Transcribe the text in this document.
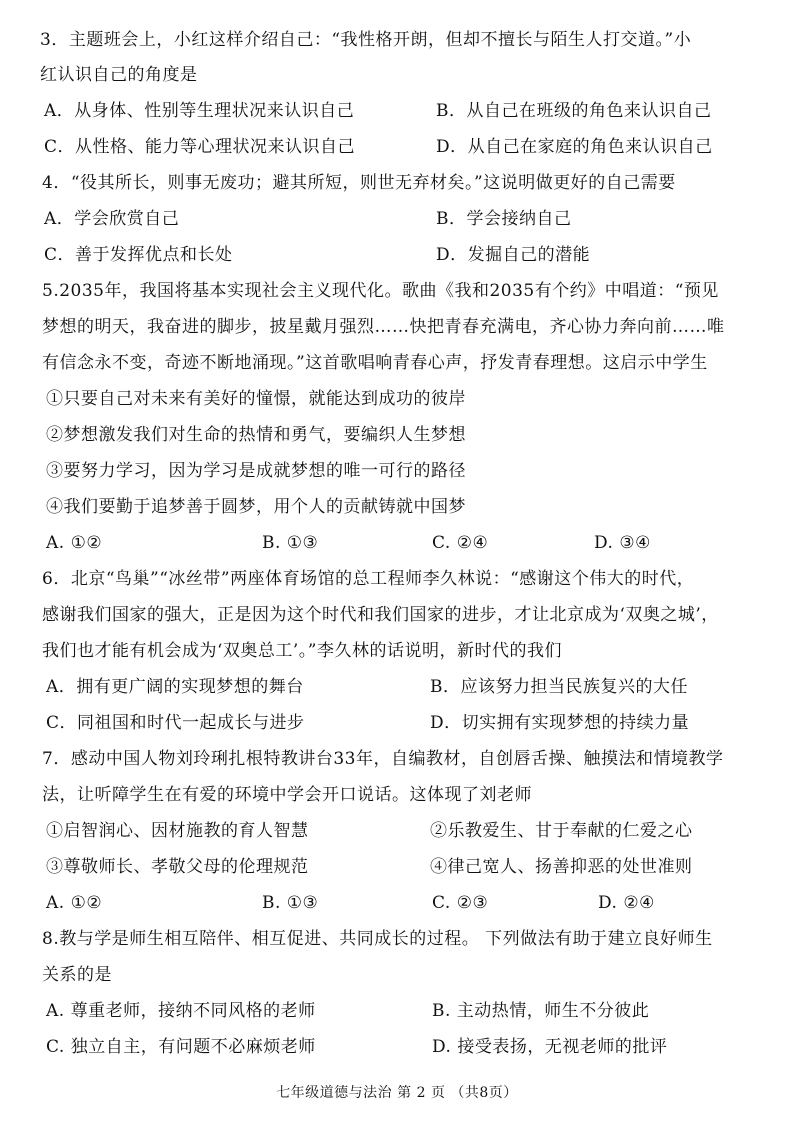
3．主题班会上，小红这样介绍自己：“我性格开朗，但却不擅长与陌生人打交道。”小
红认识自己的角度是
A．从身体、性别等生理状况来认识自己	B．从自己在班级的角色来认识自己
C．从性格、能力等心理状况来认识自己	D．从自己在家庭的角色来认识自己
4．“役其所长，则事无废功；避其所短，则世无弃材矣。”这说明做更好的自己需要
A．学会欣赏自己	B．学会接纳自己
C．善于发挥优点和长处	D．发掘自己的潜能
5.2035年，我国将基本实现社会主义现代化。歌曲《我和2035有个约》中唱道：“预见
梦想的明天，我奋进的脚步，披星戴月强烈……快把青春充满电，齐心协力奔向前……唯
有信念永不变，奇迹不断地涌现。”这首歌唱响青春心声，抒发青春理想。这启示中学生
①只要自己对未来有美好的憧憬，就能达到成功的彼岸
②梦想激发我们对生命的热情和勇气，要编织人生梦想
③要努力学习，因为学习是成就梦想的唯一可行的路径
④我们要勤于追梦善于圆梦，用个人的贡献铸就中国梦
A. ①②	B. ①③	C. ②④	D. ③④
6．北京“鸟巢”“冰丝带”两座体育场馆的总工程师李久林说：“感谢这个伟大的时代，
感谢我们国家的强大，正是因为这个时代和我们国家的进步，才让北京成为‘双奥之城’，
我们也才能有机会成为‘双奥总工’。”李久林的话说明，新时代的我们
A．拥有更广阔的实现梦想的舞台	B．应该努力担当民族复兴的大任
C．同祖国和时代一起成长与进步	D．切实拥有实现梦想的持续力量
7．感动中国人物刘玲琍扎根特教讲台33年，自编教材，自创唇舌操、触摸法和情境教学
法，让听障学生在有爱的环境中学会开口说话。这体现了刘老师
①启智润心、因材施教的育人智慧	②乐教爱生、甘于奉献的仁爱之心
③尊敬师长、孝敬父母的伦理规范	④律己宽人、扬善抑恶的处世准则
A. ①②	B. ①③	C. ②③	D. ②④
8.教与学是师生相互陪伴、相互促进、共同成长的过程。 下列做法有助于建立良好师生
关系的是
A. 尊重老师，接纳不同风格的老师	B. 主动热情，师生不分彼此
C. 独立自主，有问题不必麻烦老师	D. 接受表扬，无视老师的批评
七年级道德与法治 第 2 页 （共8页）
